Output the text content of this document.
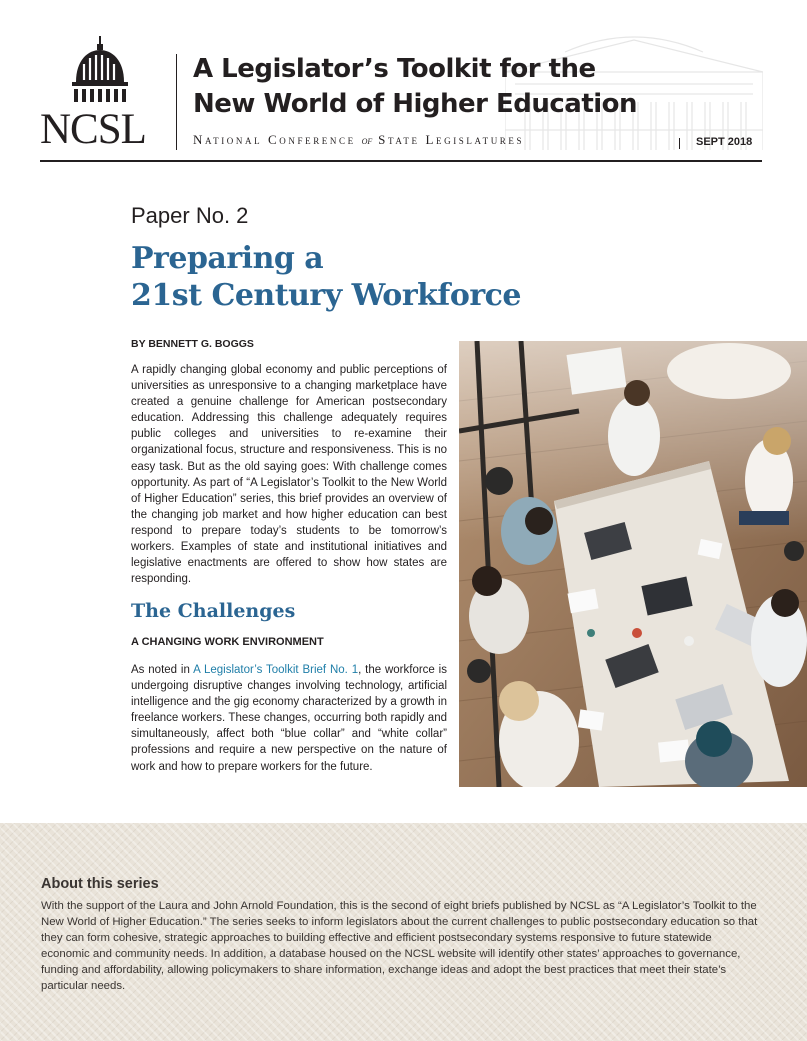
NCSL
A Legislator’s Toolkit for the
New World of Higher Education
National Conference of State Legislatures	SEPT 2018
Paper No. 2
Preparing a
21st Century Workforce
BY BENNETT G. BOGGS
A rapidly changing global economy and public perceptions of universities as unresponsive to a changing marketplace have created a genuine challenge for American postsecondary education. Addressing this challenge adequately requires public colleges and universities to re-examine their organizational focus, structure and responsiveness. This is no easy task. But as the old saying goes: With challenge comes opportunity. As part of “A Legislator’s Toolkit to the New World of Higher Education” series, this brief provides an overview of the changing job market and how higher education can best respond to prepare today’s students to be tomorrow’s workers. Examples of state and institutional initiatives and legislative enactments are offered to show how states are responding.
The Challenges
A CHANGING WORK ENVIRONMENT
As noted in A Legislator’s Toolkit Brief No. 1, the workforce is undergoing disruptive changes involving technology, artificial intelligence and the gig economy characterized by a growth in freelance workers. These changes, occurring both rapidly and simultaneously, affect both “blue collar” and “white collar” professions and require a new perspective on the nature of work and how to prepare workers for the future.
About this series
With the support of the Laura and John Arnold Foundation, this is the second of eight briefs published by NCSL as “A Legislator’s Toolkit to the New World of Higher Education.” The series seeks to inform legislators about the current challenges to public postsecondary education so that they can form cohesive, strategic approaches to building effective and efficient postsecondary systems responsive to future statewide economic and community needs. In addition, a database housed on the NCSL website will identify other states’ approaches to governance, funding and affordability, allowing policymakers to share information, exchange ideas and adopt the best practices that meet their state’s particular needs.
